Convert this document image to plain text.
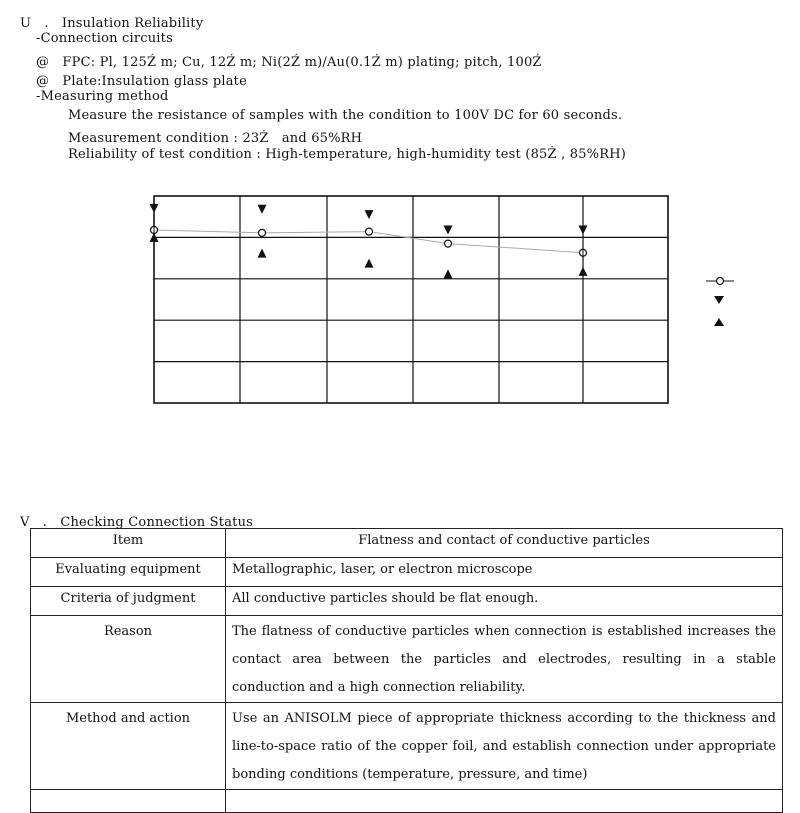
U　.　Insulation Reliability
-Connection circuits
@　FPC: Pl, 125Ź m; Cu, 12Ź m; Ni(2Ź m)/Au(0.1Ź m) plating; pitch, 100Ź
@　Plate:Insulation glass plate
-Measuring method
Measure the resistance of samples with the condition to 100V DC for 60 seconds.
Measurement condition : 23Ż　and 65%RH
Reliability of test condition : High-temperature, high-humidity test (85Ż , 85%RH)
V　.　Checking Connection Status
Item	Flatness and contact of conductive particles
Evaluating equipment	Metallographic, laser, or electron microscope
Criteria of judgment	All conductive particles should be flat enough.
Reason	The flatness of conductive particles when connection is established increases the contact area between the particles and electrodes, resulting in a stable conduction and a high connection reliability.
Method and action	Use an ANISOLM piece of appropriate thickness according to the thickness and line-to-space ratio of the copper foil, and establish connection under appropriate bonding conditions (temperature, pressure, and time)
